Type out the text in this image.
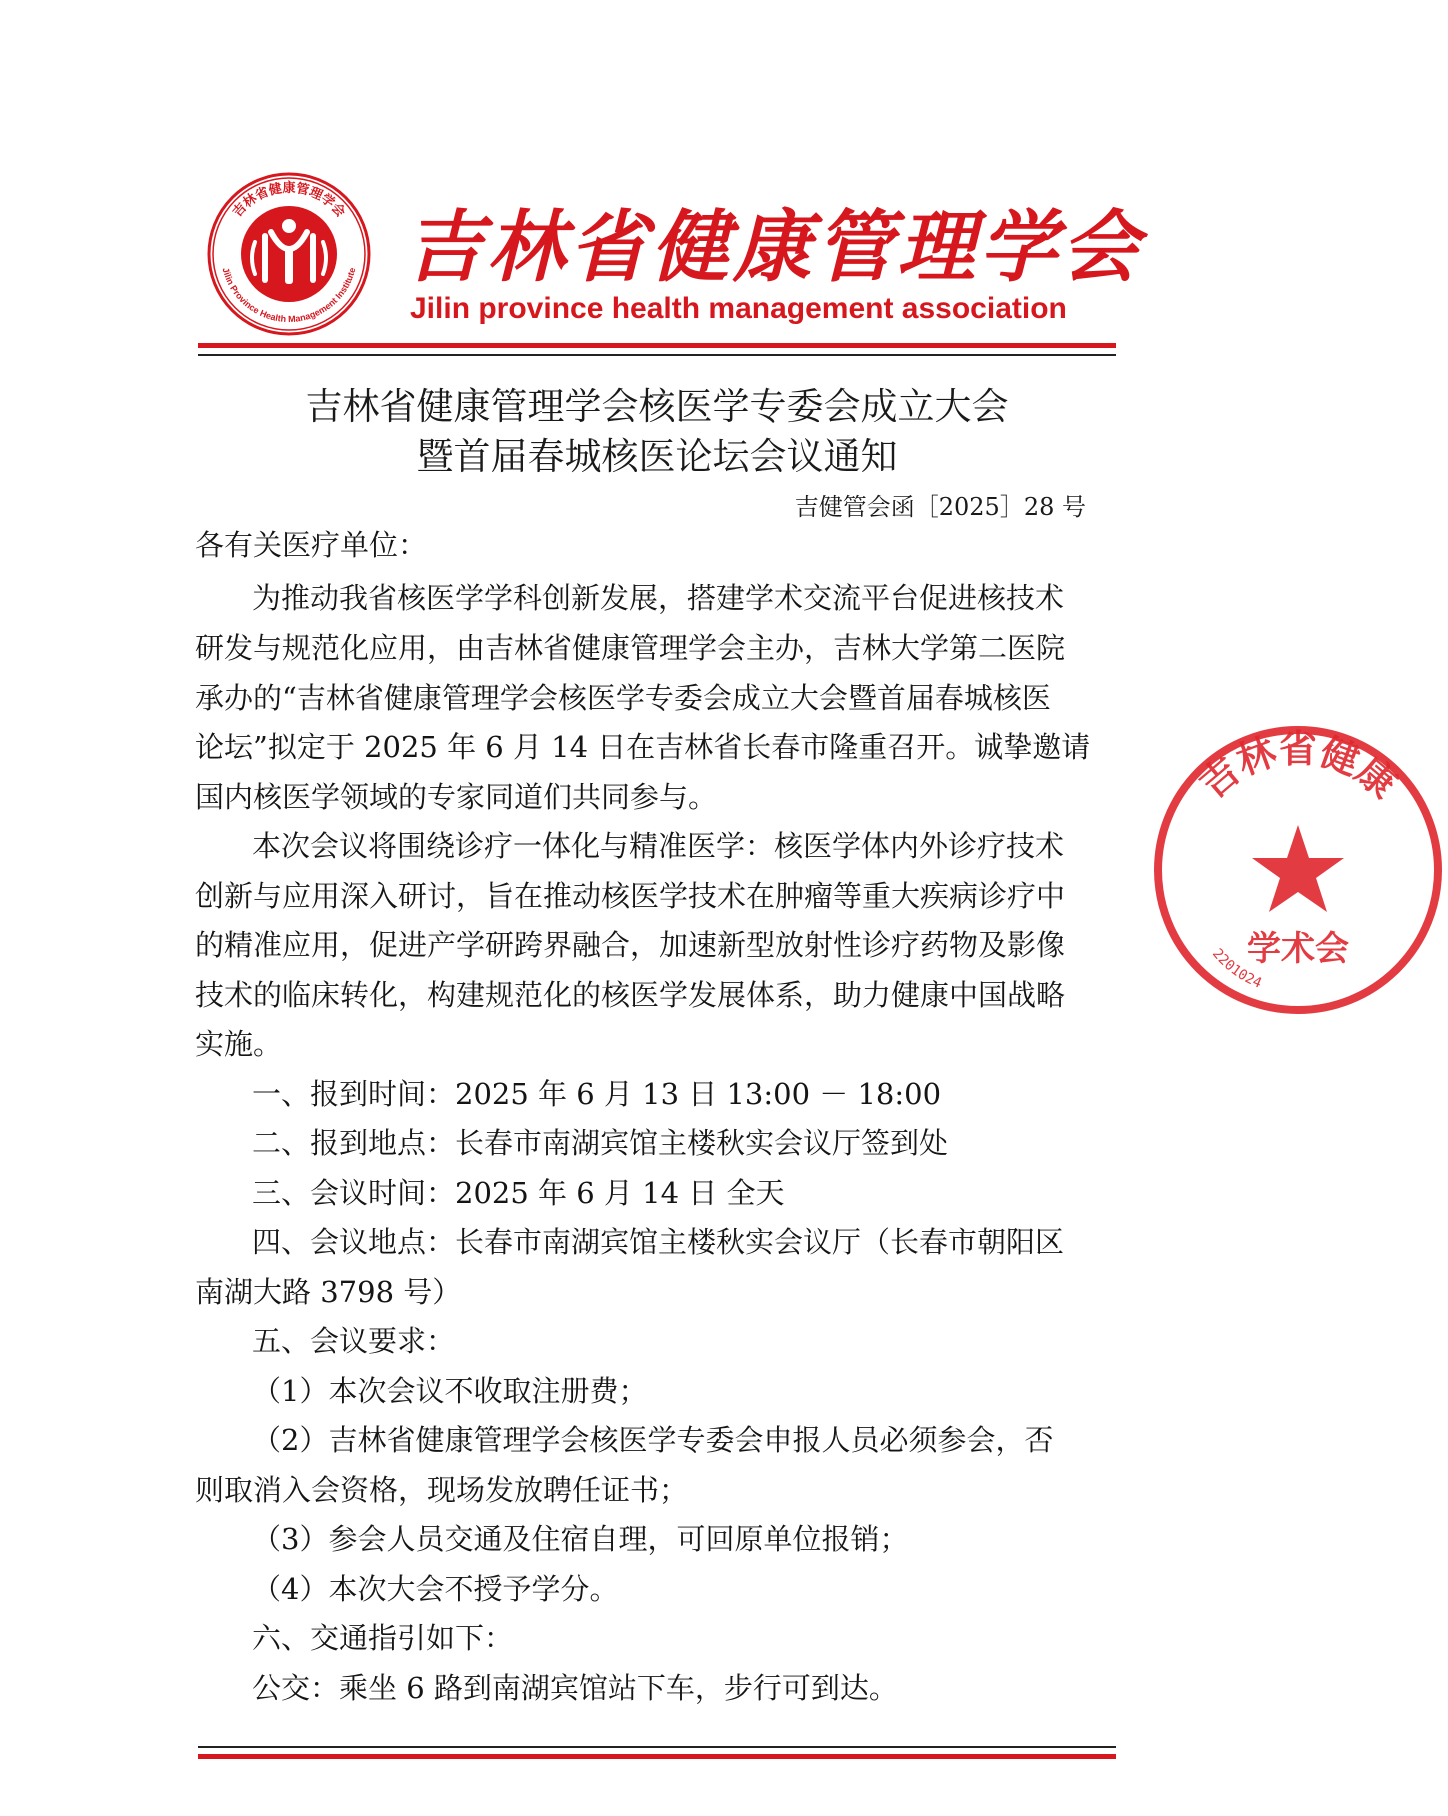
吉林省健康管理学会
Jilin Province Health Management Institute 吉林省健康管理学会
Jilin province health management association
吉林省健康管理学会核医学专委会成立大会
暨首届春城核医论坛会议通知
吉健管会函［2025］28 号
各有关医疗单位：
为推动我省核医学学科创新发展，搭建学术交流平台促进核技术
研发与规范化应用，由吉林省健康管理学会主办，吉林大学第二医院
承办的“吉林省健康管理学会核医学专委会成立大会暨首届春城核医
论坛”拟定于 2025 年 6 月 14 日在吉林省长春市隆重召开。诚挚邀请
国内核医学领域的专家同道们共同参与。
本次会议将围绕诊疗一体化与精准医学：核医学体内外诊疗技术
创新与应用深入研讨，旨在推动核医学技术在肿瘤等重大疾病诊疗中
的精准应用，促进产学研跨界融合，加速新型放射性诊疗药物及影像
技术的临床转化，构建规范化的核医学发展体系，助力健康中国战略
实施。
一、报到时间：2025 年 6 月 13 日 13:00 － 18:00
二、报到地点：长春市南湖宾馆主楼秋实会议厅签到处
三、会议时间：2025 年 6 月 14 日 全天
四、会议地点：长春市南湖宾馆主楼秋实会议厅（长春市朝阳区
南湖大路 3798 号）
五、会议要求：
（1）本次会议不收取注册费；
（2）吉林省健康管理学会核医学专委会申报人员必须参会，否
则取消入会资格，现场发放聘任证书；
（3）参会人员交通及住宿自理，可回原单位报销；
（4）本次大会不授予学分。
六、交通指引如下：
公交：乘坐 6 路到南湖宾馆站下车，步行可到达。
吉林省健康
学术会
2201024
